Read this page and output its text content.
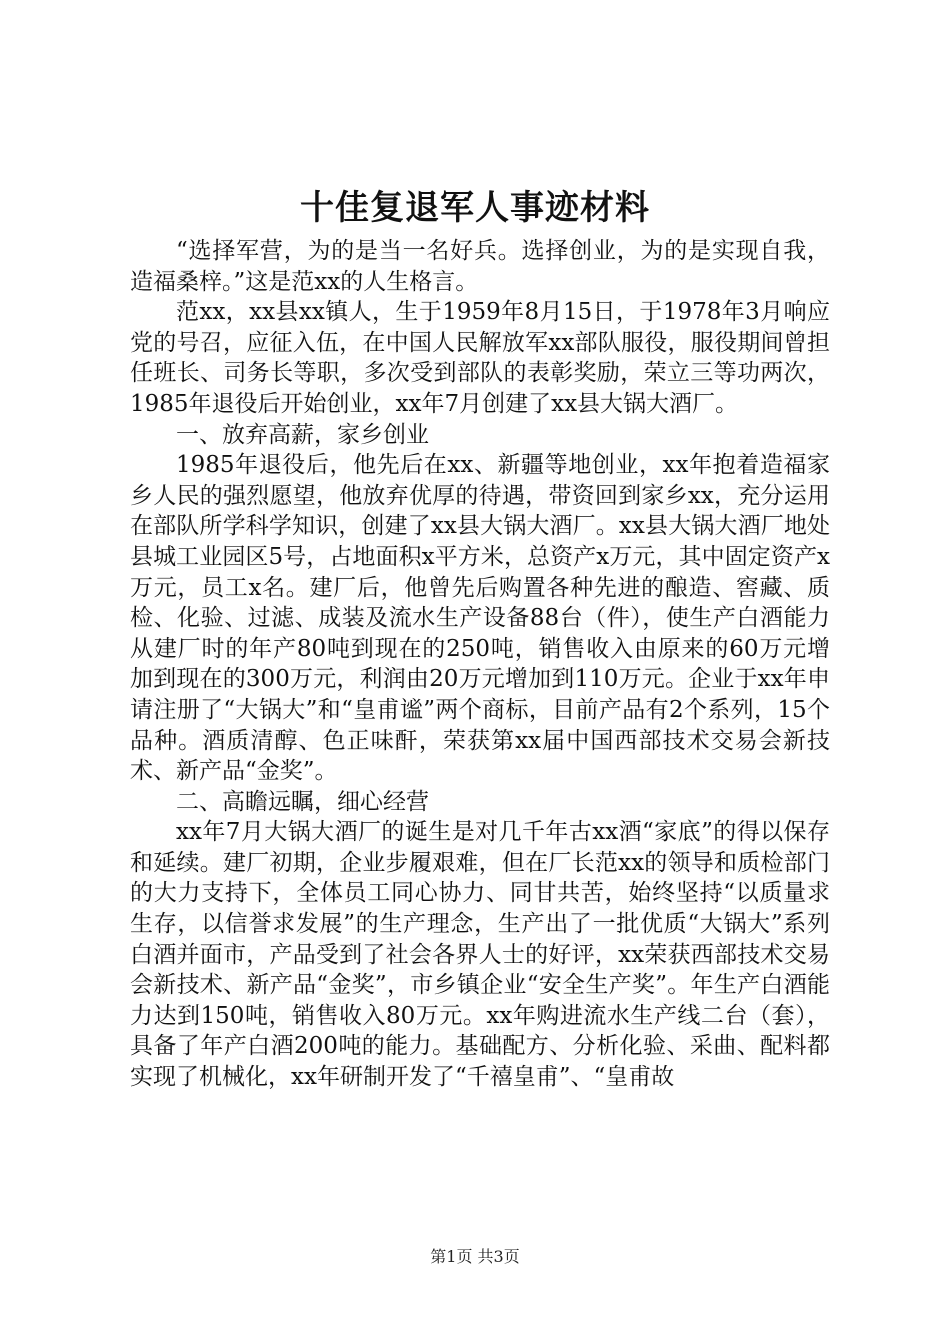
十佳复退军人事迹材料

“选择军营，为的是当一名好兵。选择创业，为的是实现自我，造福桑梓。”这是范xx的人生格言。

范xx，xx县xx镇人，生于1959年8月15日，于1978年3月响应党的号召，应征入伍，在中国人民解放军xx部队服役，服役期间曾担任班长、司务长等职，多次受到部队的表彰奖励，荣立三等功两次，1985年退役后开始创业，xx年7月创建了xx县大锅大酒厂。

一、放弃高薪，家乡创业

1985年退役后，他先后在xx、新疆等地创业，xx年抱着造福家乡人民的强烈愿望，他放弃优厚的待遇，带资回到家乡xx，充分运用在部队所学科学知识，创建了xx县大锅大酒厂。xx县大锅大酒厂地处县城工业园区5号，占地面积x平方米，总资产x万元，其中固定资产x万元，员工x名。建厂后，他曾先后购置各种先进的酿造、窖藏、质检、化验、过滤、成装及流水生产设备88台（件），使生产白酒能力从建厂时的年产80吨到现在的250吨，销售收入由原来的60万元增加到现在的300万元，利润由20万元增加到110万元。企业于xx年申请注册了“大锅大”和“皇甫谧”两个商标，目前产品有2个系列，15个品种。酒质清醇、色正味酐，荣获第xx届中国西部技术交易会新技术、新产品“金奖”。

二、高瞻远瞩，细心经营

xx年7月大锅大酒厂的诞生是对几千年古xx酒“家底”的得以保存和延续。建厂初期，企业步履艰难，但在厂长范xx的领导和质检部门的大力支持下，全体员工同心协力、同甘共苦，始终坚持“以质量求生存，以信誉求发展”的生产理念，生产出了一批优质“大锅大”系列白酒并面市，产品受到了社会各界人士的好评，xx荣获西部技术交易会新技术、新产品“金奖”，市乡镇企业“安全生产奖”。年生产白酒能力达到150吨，销售收入80万元。xx年购进流水生产线二台（套），具备了年产白酒200吨的能力。基础配方、分析化验、采曲、配料都实现了机械化，xx年研制开发了“千禧皇甫”、“皇甫故

第1页 共3页
